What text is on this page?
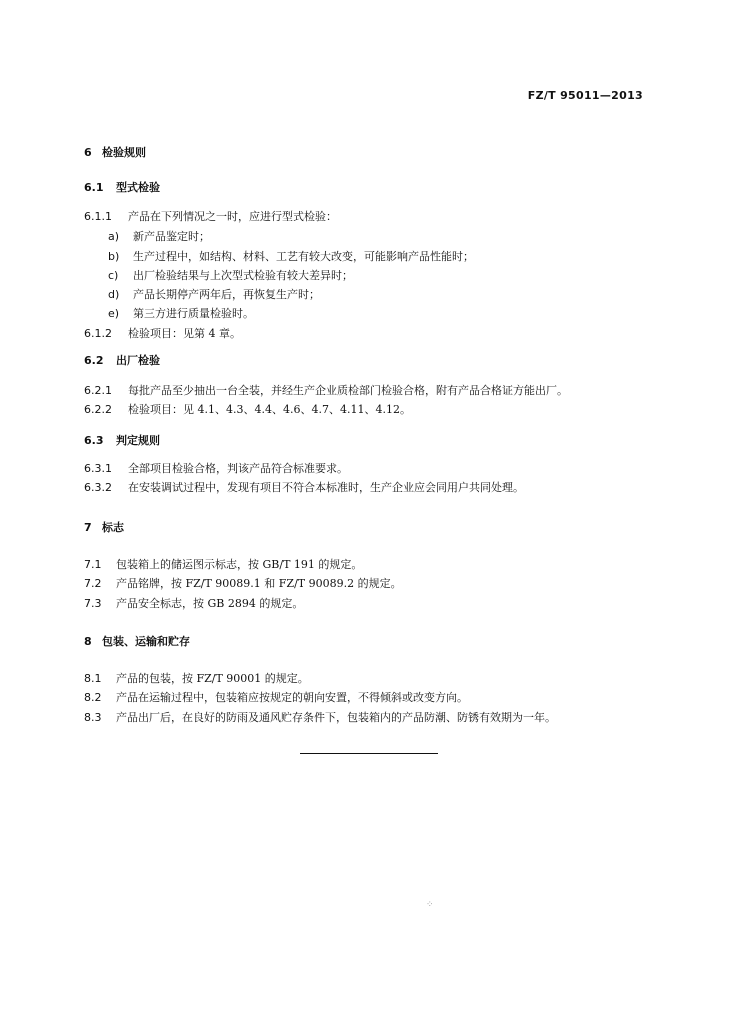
FZ/T 95011—2013
6 检验规则
6.1 型式检验
6.1.1 产品在下列情况之一时，应进行型式检验：
a) 新产品鉴定时；
b) 生产过程中，如结构、材料、工艺有较大改变，可能影响产品性能时；
c) 出厂检验结果与上次型式检验有较大差异时；
d) 产品长期停产两年后，再恢复生产时；
e) 第三方进行质量检验时。
6.1.2 检验项目：见第 4 章。
6.2 出厂检验
6.2.1 每批产品至少抽出一台全装，并经生产企业质检部门检验合格，附有产品合格证方能出厂。
6.2.2 检验项目：见 4.1、4.3、4.4、4.6、4.7、4.11、4.12。
6.3 判定规则
6.3.1 全部项目检验合格，判该产品符合标准要求。
6.3.2 在安装调试过程中，发现有项目不符合本标准时，生产企业应会同用户共同处理。
7 标志
7.1 包装箱上的储运图示标志，按 GB/T 191 的规定。
7.2 产品铭牌，按 FZ/T 90089.1 和 FZ/T 90089.2 的规定。
7.3 产品安全标志，按 GB 2894 的规定。
8 包装、运输和贮存
8.1 产品的包装，按 FZ/T 90001 的规定。
8.2 产品在运输过程中，包装箱应按规定的朝向安置，不得倾斜或改变方向。
8.3 产品出厂后，在良好的防雨及通风贮存条件下，包装箱内的产品防潮、防锈有效期为一年。
⁘
